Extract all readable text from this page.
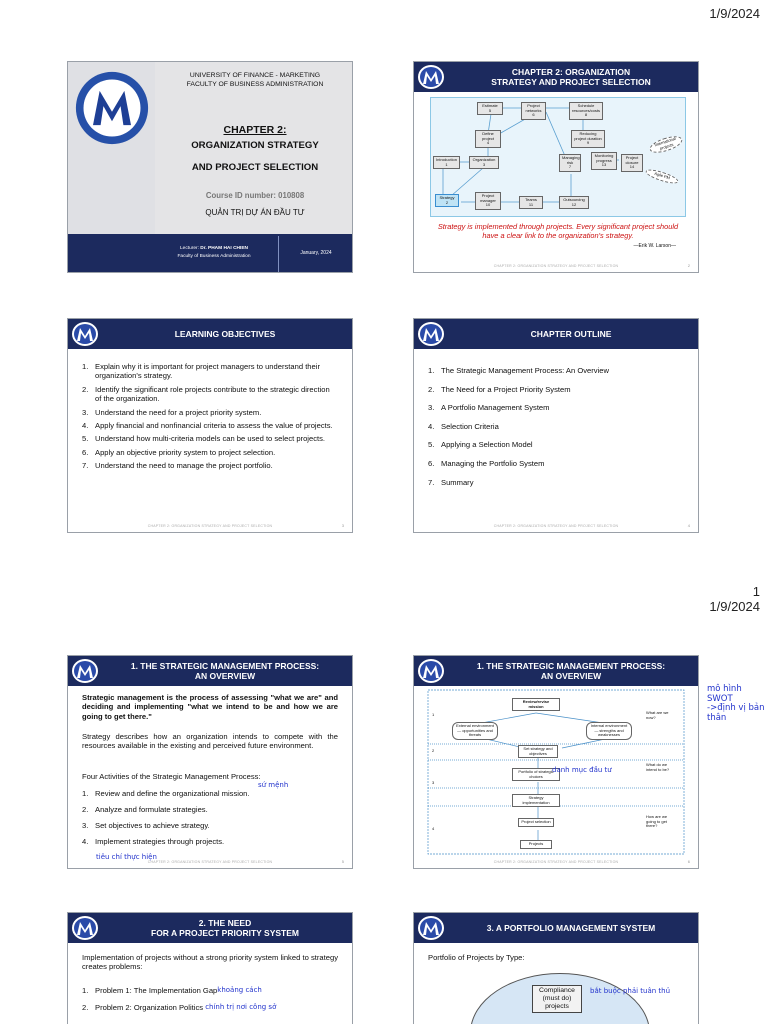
1/9/2024
1
1/9/2024
UNIVERSITY OF FINANCE - MARKETING
FACULTY OF BUSINESS ADMINISTRATION
CHAPTER 2:
ORGANIZATION STRATEGY
AND PROJECT SELECTION
Course ID number: 010808
QUẢN TRỊ DỰ ÁN ĐẦU TƯ
Lecturer: Dr. PHAM HAI CHIEN
Faculty of Business Administration
January, 2024
CHAPTER 2: ORGANIZATION
STRATEGY AND PROJECT SELECTION
Estimate
5
Project networks
6
Schedule resources/costs
8
Define project
4
Reducing project duration
9
Introduction
1
Organization
3
Managing risk
7
Monitoring progress
13
Project closure
14
Strategy
2
Project manager
10
Teams
11
Outsourcing
12
International projects
Agile PM
Strategy is implemented through projects. Every significant project should have a clear link to the organization's strategy.
—Erik W. Larson—
CHAPTER 2: ORGANIZATION STRATEGY AND PROJECT SELECTION	2
LEARNING OBJECTIVES
1. Explain why it is important for project managers to understand their organization's strategy.
2. Identify the significant role projects contribute to the strategic direction of the organization.
3. Understand the need for a project priority system.
4. Apply financial and nonfinancial criteria to assess the value of projects.
5. Understand how multi-criteria models can be used to select projects.
6. Apply an objective priority system to project selection.
7. Understand the need to manage the project portfolio.
CHAPTER 2: ORGANIZATION STRATEGY AND PROJECT SELECTION	3
CHAPTER OUTLINE
1. The Strategic Management Process: An Overview
2. The Need for a Project Priority System
3. A Portfolio Management System
4. Selection Criteria
5. Applying a Selection Model
6. Managing the Portfolio System
7. Summary
CHAPTER 2: ORGANIZATION STRATEGY AND PROJECT SELECTION	4
1. THE STRATEGIC MANAGEMENT PROCESS:
AN OVERVIEW
Strategic management is the process of assessing "what we are" and deciding and implementing "what we intend to be and how we are going to get there."
Strategy describes how an organization intends to compete with the resources available in the existing and perceived future environment.
Four Activities of the Strategic Management Process:
sứ mệnh
1. Review and define the organizational mission.
2. Analyze and formulate strategies.
3. Set objectives to achieve strategy.
4. Implement strategies through projects.
tiêu chí thực hiện
CHAPTER 2: ORGANIZATION STRATEGY AND PROJECT SELECTION	5
1. THE STRATEGIC MANAGEMENT PROCESS:
AN OVERVIEW
Review/revise mission
External environment— opportunities and threats
Internal environment— strengths and weaknesses
Set strategy and objectives
Portfolio of strategic choices
danh mục đầu tư
Strategy implementation
Project selection
Projects
What are we now?
What do we intend to be?
How are we going to get there?
1
2
3
4
CHAPTER 2: ORGANIZATION STRATEGY AND PROJECT SELECTION	6
mô hình
SWOT
->định vị bản
thân
2. THE NEED
FOR A PROJECT PRIORITY SYSTEM
Implementation of projects without a strong priority system linked to strategy creates problems:
1. Problem 1: The Implementation Gap khoảng cách
2. Problem 2: Organization Politics
chính trị nơi công sở
3. A PORTFOLIO MANAGEMENT SYSTEM
Portfolio of Projects by Type:
Compliance
(must do)
projects
bắt buộc phải tuân thủ
